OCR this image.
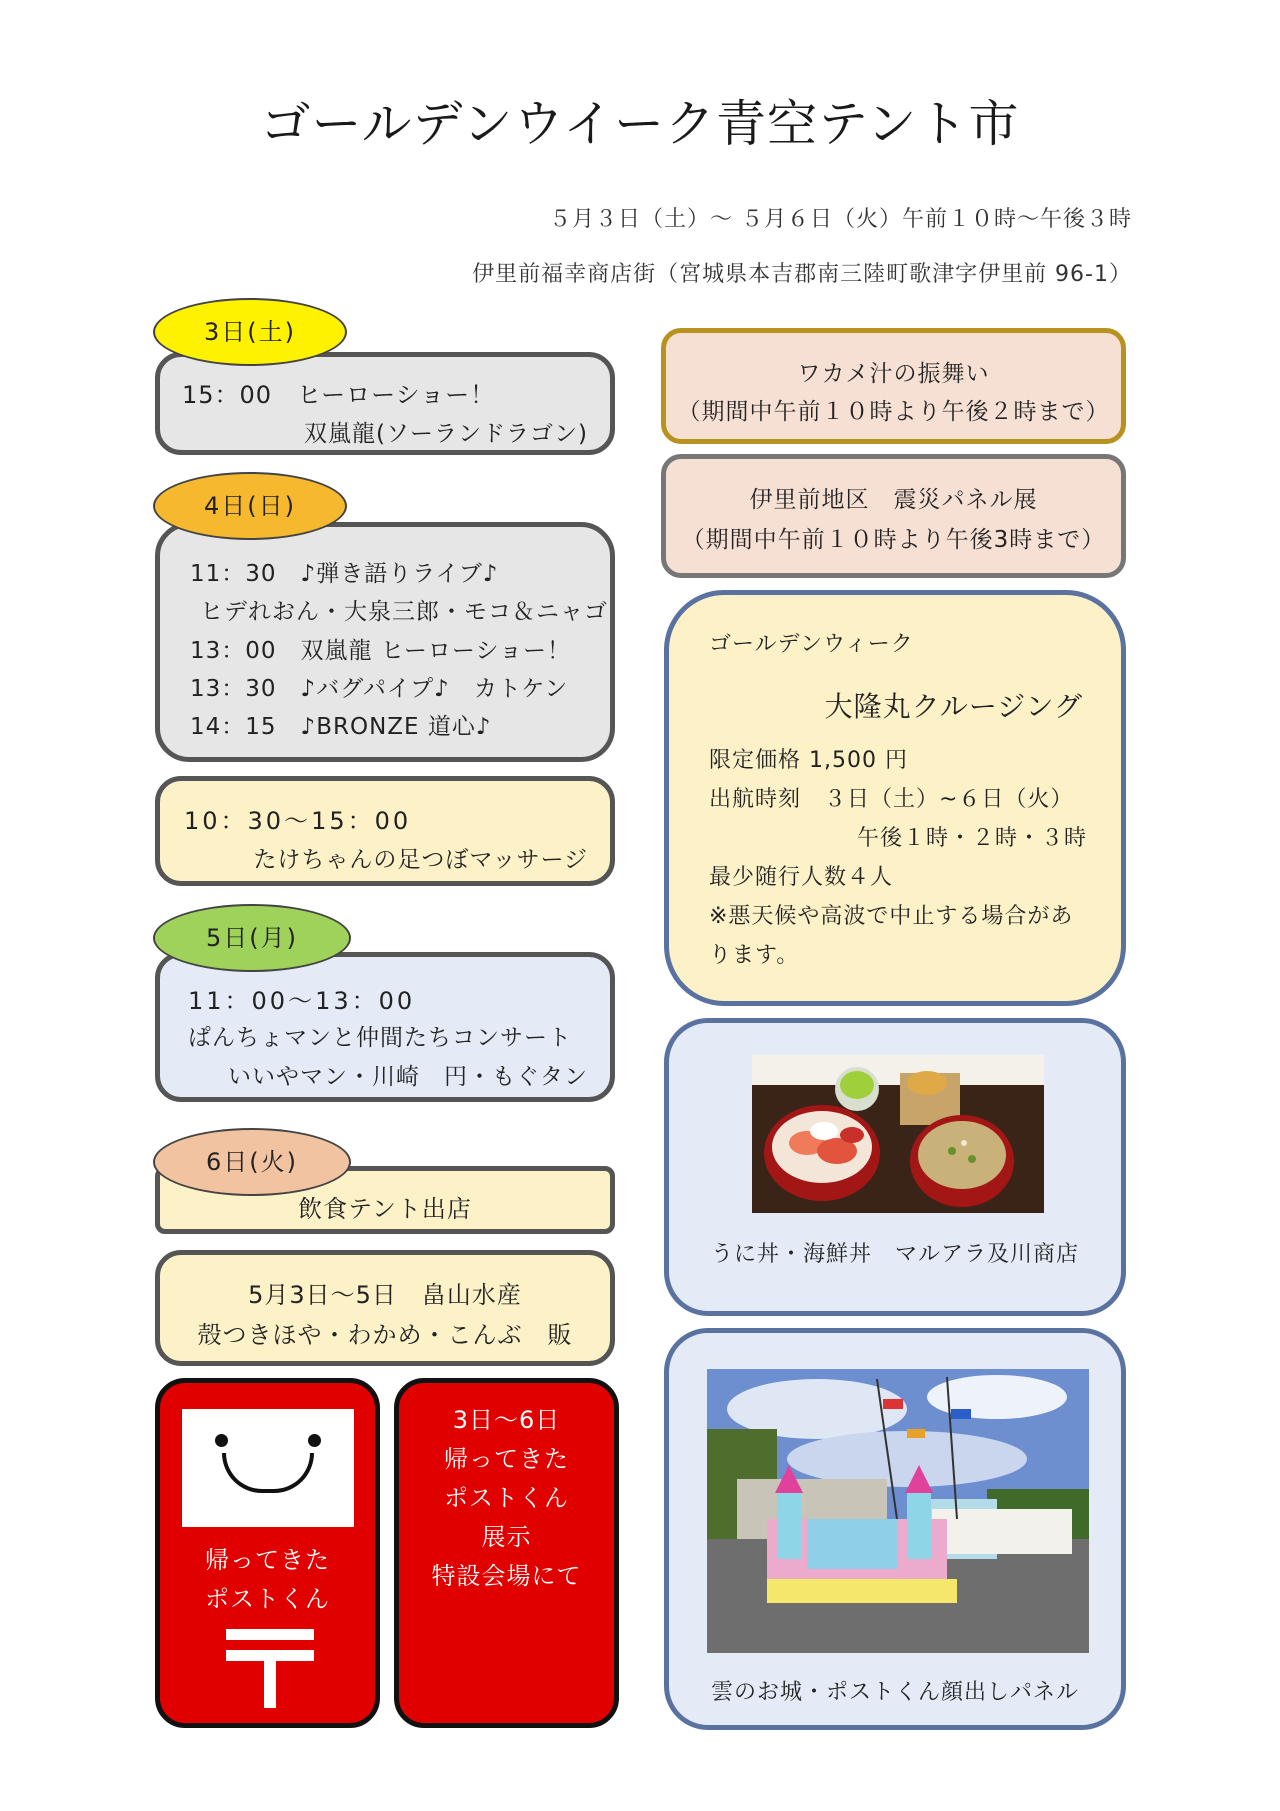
ゴールデンウイーク青空テント市
５月３日（土）～ ５月６日（火）午前１０時～午後３時
伊里前福幸商店街（宮城県本吉郡南三陸町歌津字伊里前 96-1）
15：00　ヒーローショー！
双嵐龍(ソーランドラゴン)
3日(土)
11：30　♪弾き語りライブ♪
ヒデれおん・大泉三郎・モコ＆ニャゴ
13：00　双嵐龍 ヒーローショー！
13：30　♪バグパイプ♪　カトケン
14：15　♪BRONZE 道心♪
4日(日)
10：30～15：00
たけちゃんの足つぼマッサージ
11：00～13：00
ぱんちょマンと仲間たちコンサート
いいやマン・川崎　円・もぐタン
5日(月)
飲食テント出店
6日(火)
5月3日～5日　畠山水産
殻つきほや・わかめ・こんぶ　販
帰ってきた
ポストくん
3日～6日
帰ってきた
ポストくん
展示
特設会場にて
ワカメ汁の振舞い
（期間中午前１０時より午後２時まで）
伊里前地区　震災パネル展
（期間中午前１０時より午後3時まで）
ゴールデンウィーク
大隆丸クルージング
限定価格 1,500 円
出航時刻　３日（土）~６日（火）
午後１時・２時・３時
最少随行人数４人
※悪天候や高波で中止する場合があ
ります。
うに丼・海鮮丼　マルアラ及川商店
雲のお城・ポストくん顔出しパネル
